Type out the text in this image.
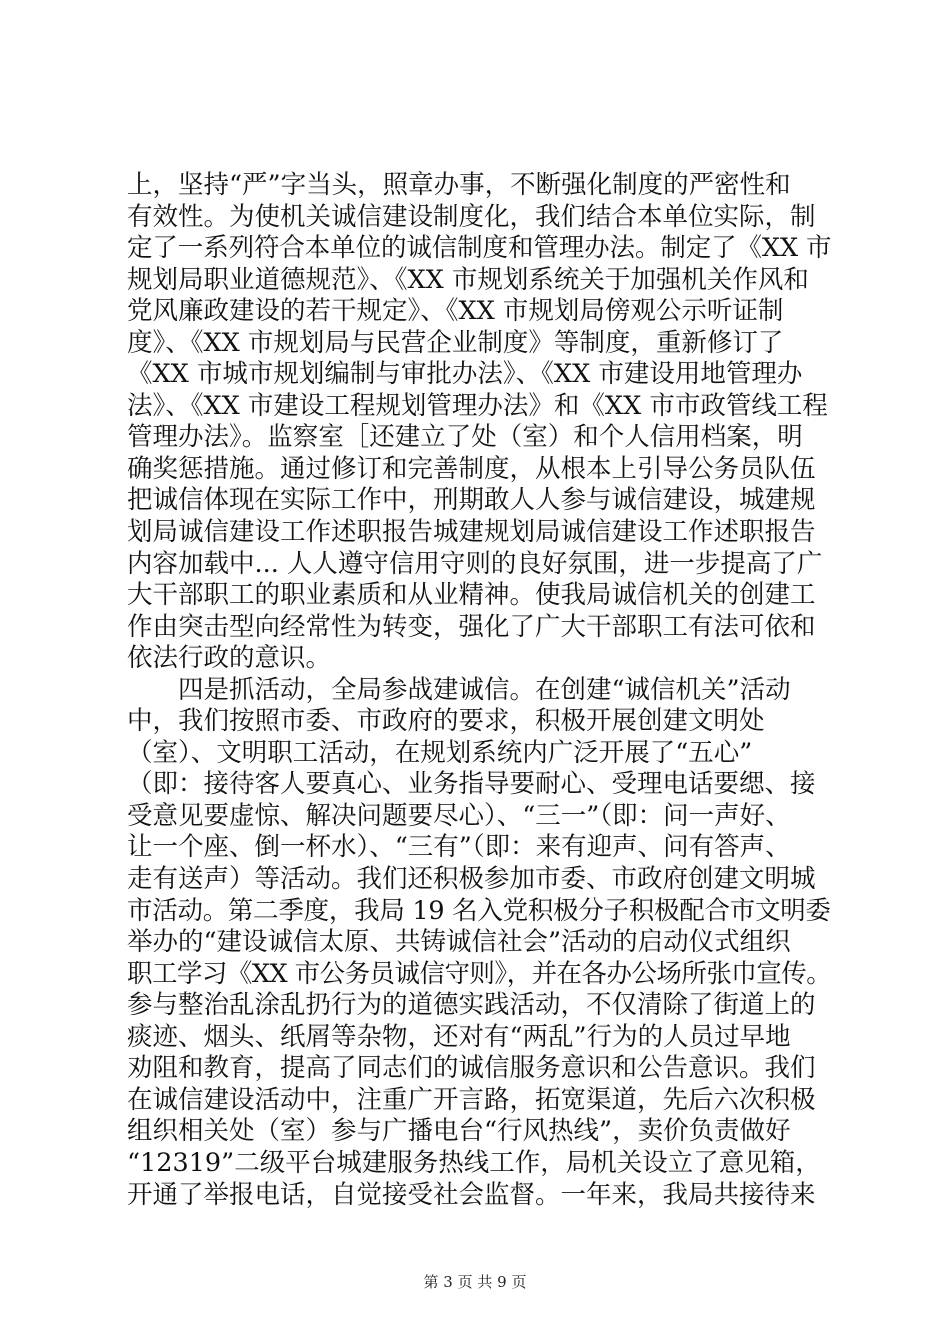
上，坚持“严”字当头，照章办事，不断强化制度的严密性和
有效性。为使机关诚信建设制度化，我们结合本单位实际，制
定了一系列符合本单位的诚信制度和管理办法。制定了《XX 市
规划局职业道德规范》、《XX 市规划系统关于加强机关作风和
党风廉政建设的若干规定》、《XX 市规划局傍观公示听证制
度》、《XX 市规划局与民营企业制度》等制度，重新修订了
《XX 市城市规划编制与审批办法》、《XX 市建设用地管理办
法》、《XX 市建设工程规划管理办法》和《XX 市市政管线工程
管理办法》。监察室［还建立了处（室）和个人信用档案，明
确奖惩措施。通过修订和完善制度，从根本上引导公务员队伍
把诚信体现在实际工作中，刑期敢人人参与诚信建设，城建规
划局诚信建设工作述职报告城建规划局诚信建设工作述职报告
内容加载中... 人人遵守信用守则的良好氛围，进一步提高了广
大干部职工的职业素质和从业精神。使我局诚信机关的创建工
作由突击型向经常性为转变，强化了广大干部职工有法可依和
依法行政的意识。
　　四是抓活动，全局参战建诚信。在创建“诚信机关”活动
中，我们按照市委、市政府的要求，积极开展创建文明处
（室）、文明职工活动，在规划系统内广泛开展了“五心”
（即：接待客人要真心、业务指导要耐心、受理电话要缌、接
受意见要虚惊、解决问题要尽心）、“三一”（即：问一声好、
让一个座、倒一杯水）、“三有”（即：来有迎声、问有答声、
走有送声）等活动。我们还积极参加市委、市政府创建文明城
市活动。第二季度，我局 19 名入党积极分子积极配合市文明委
举办的“建设诚信太原、共铸诚信社会”活动的启动仪式组织
职工学习《XX 市公务员诚信守则》，并在各办公场所张巾宣传。
参与整治乱涂乱扔行为的道德实践活动，不仅清除了街道上的
痰迹、烟头、纸屑等杂物，还对有“两乱”行为的人员过早地
劝阻和教育，提高了同志们的诚信服务意识和公告意识。我们
在诚信建设活动中，注重广开言路，拓宽渠道，先后六次积极
组织相关处（室）参与广播电台“行风热线”，卖价负责做好
“12319”二级平台城建服务热线工作，局机关设立了意见箱，
开通了举报电话，自觉接受社会监督。一年来，我局共接待来
第 3 页 共 9 页
